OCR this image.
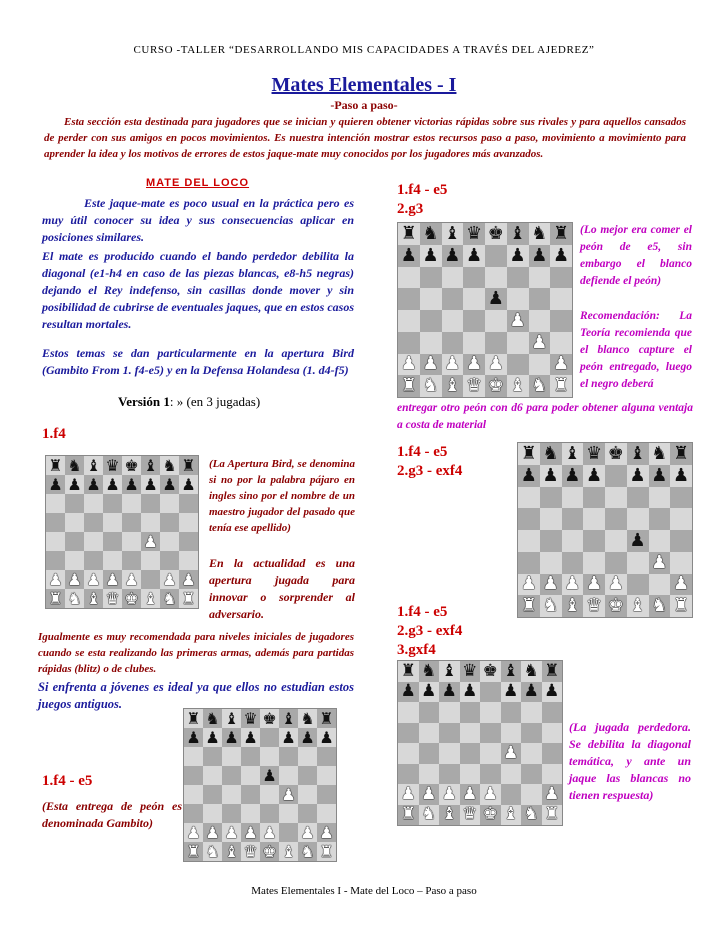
CURSO -TALLER “DESARROLLANDO MIS CAPACIDADES A TRAVÉS DEL AJEDREZ”
Mates Elementales - I
-Paso a paso-

Esta sección esta destinada para jugadores que se inician y quieren obtener victorias rápidas sobre sus rivales y para aquellos cansados de perder con sus amigos en pocos movimientos. Es nuestra intención mostrar estos recursos paso a paso, movimiento a movimiento para aprender la idea y los motivos de errores de estos jaque-mate muy conocidos por los jugadores más avanzados.

MATE DEL LOCO
Este jaque-mate es poco usual en la práctica pero es muy útil conocer su idea y sus consecuencias aplicar en posiciones similares.
El mate es producido cuando el bando perdedor debilita la diagonal (e1-h4 en caso de las piezas blancas, e8-h5 negras) dejando el Rey indefenso, sin casillas donde mover y sin posibilidad de cubrirse de eventuales jaques, que en estos casos resultan mortales.
Estos temas se dan particularmente en la apertura Bird (Gambito From 1. f4-e5) y en la Defensa Holandesa (1. d4-f5)
Versión 1: » (en 3 jugadas)
1.f4
♜ ♞ ♝ ♛ ♚ ♝ ♞ ♜
♟ ♟ ♟ ♟ ♟ ♟ ♟ ♟
♟
♟ ♟ ♟ ♟ ♟ ♟ ♟
♜ ♞ ♝ ♛ ♚ ♝ ♞ ♜
(La Apertura Bird, se denomina si no por la palabra pájaro en ingles sino por el nombre de un maestro jugador del pasado que tenía ese apellido)
En la actualidad es una apertura jugada para innovar o sorprender al adversario.
Igualmente es muy recomendada para niveles iniciales de jugadores cuando se esta realizando las primeras armas, además para partidas rápidas (blitz) o de clubes.
Si enfrenta a jóvenes es ideal ya que ellos no estudian estos juegos antiguos.
♜ ♞ ♝ ♛ ♚ ♝ ♞ ♜
♟ ♟ ♟ ♟ ♟ ♟ ♟
♟
♟
♟ ♟ ♟ ♟ ♟ ♟ ♟
♜ ♞ ♝ ♛ ♚ ♝ ♞ ♜
1.f4 - e5
(Esta entrega de peón es denominada Gambito)
1.f4 - e5
2.g3
♜ ♞ ♝ ♛ ♚ ♝ ♞ ♜
♟ ♟ ♟ ♟ ♟ ♟ ♟
♟
♟
♟
♟ ♟ ♟ ♟ ♟	♟
♜ ♞ ♝ ♛ ♚ ♝ ♞ ♜
(Lo mejor era comer el peón de e5, sin embargo el blanco defiende el peón)
Recomendación: La Teoría recomienda que el blanco capture el peón entregado, luego el negro deberá
entregar otro peón con d6 para poder obtener alguna ventaja a costa de material
1.f4 - e5
2.g3 - exf4
♜ ♞ ♝ ♛ ♚ ♝ ♞ ♜
♟ ♟ ♟ ♟ ♟ ♟ ♟
♟
♟
♟ ♟ ♟ ♟ ♟	♟
♜ ♞ ♝ ♛ ♚ ♝ ♞ ♜
1.f4 - e5
2.g3 - exf4
3.gxf4
♜ ♞ ♝ ♛ ♚ ♝ ♞ ♜
♟ ♟ ♟ ♟ ♟ ♟ ♟
♟
♟ ♟ ♟ ♟ ♟	♟
♜ ♞ ♝ ♛ ♚ ♝ ♞ ♜
(La jugada perdedora. Se debilita la diagonal temática, y ante un jaque las blancas no tienen respuesta)
Mates Elementales I - Mate del Loco – Paso a paso
